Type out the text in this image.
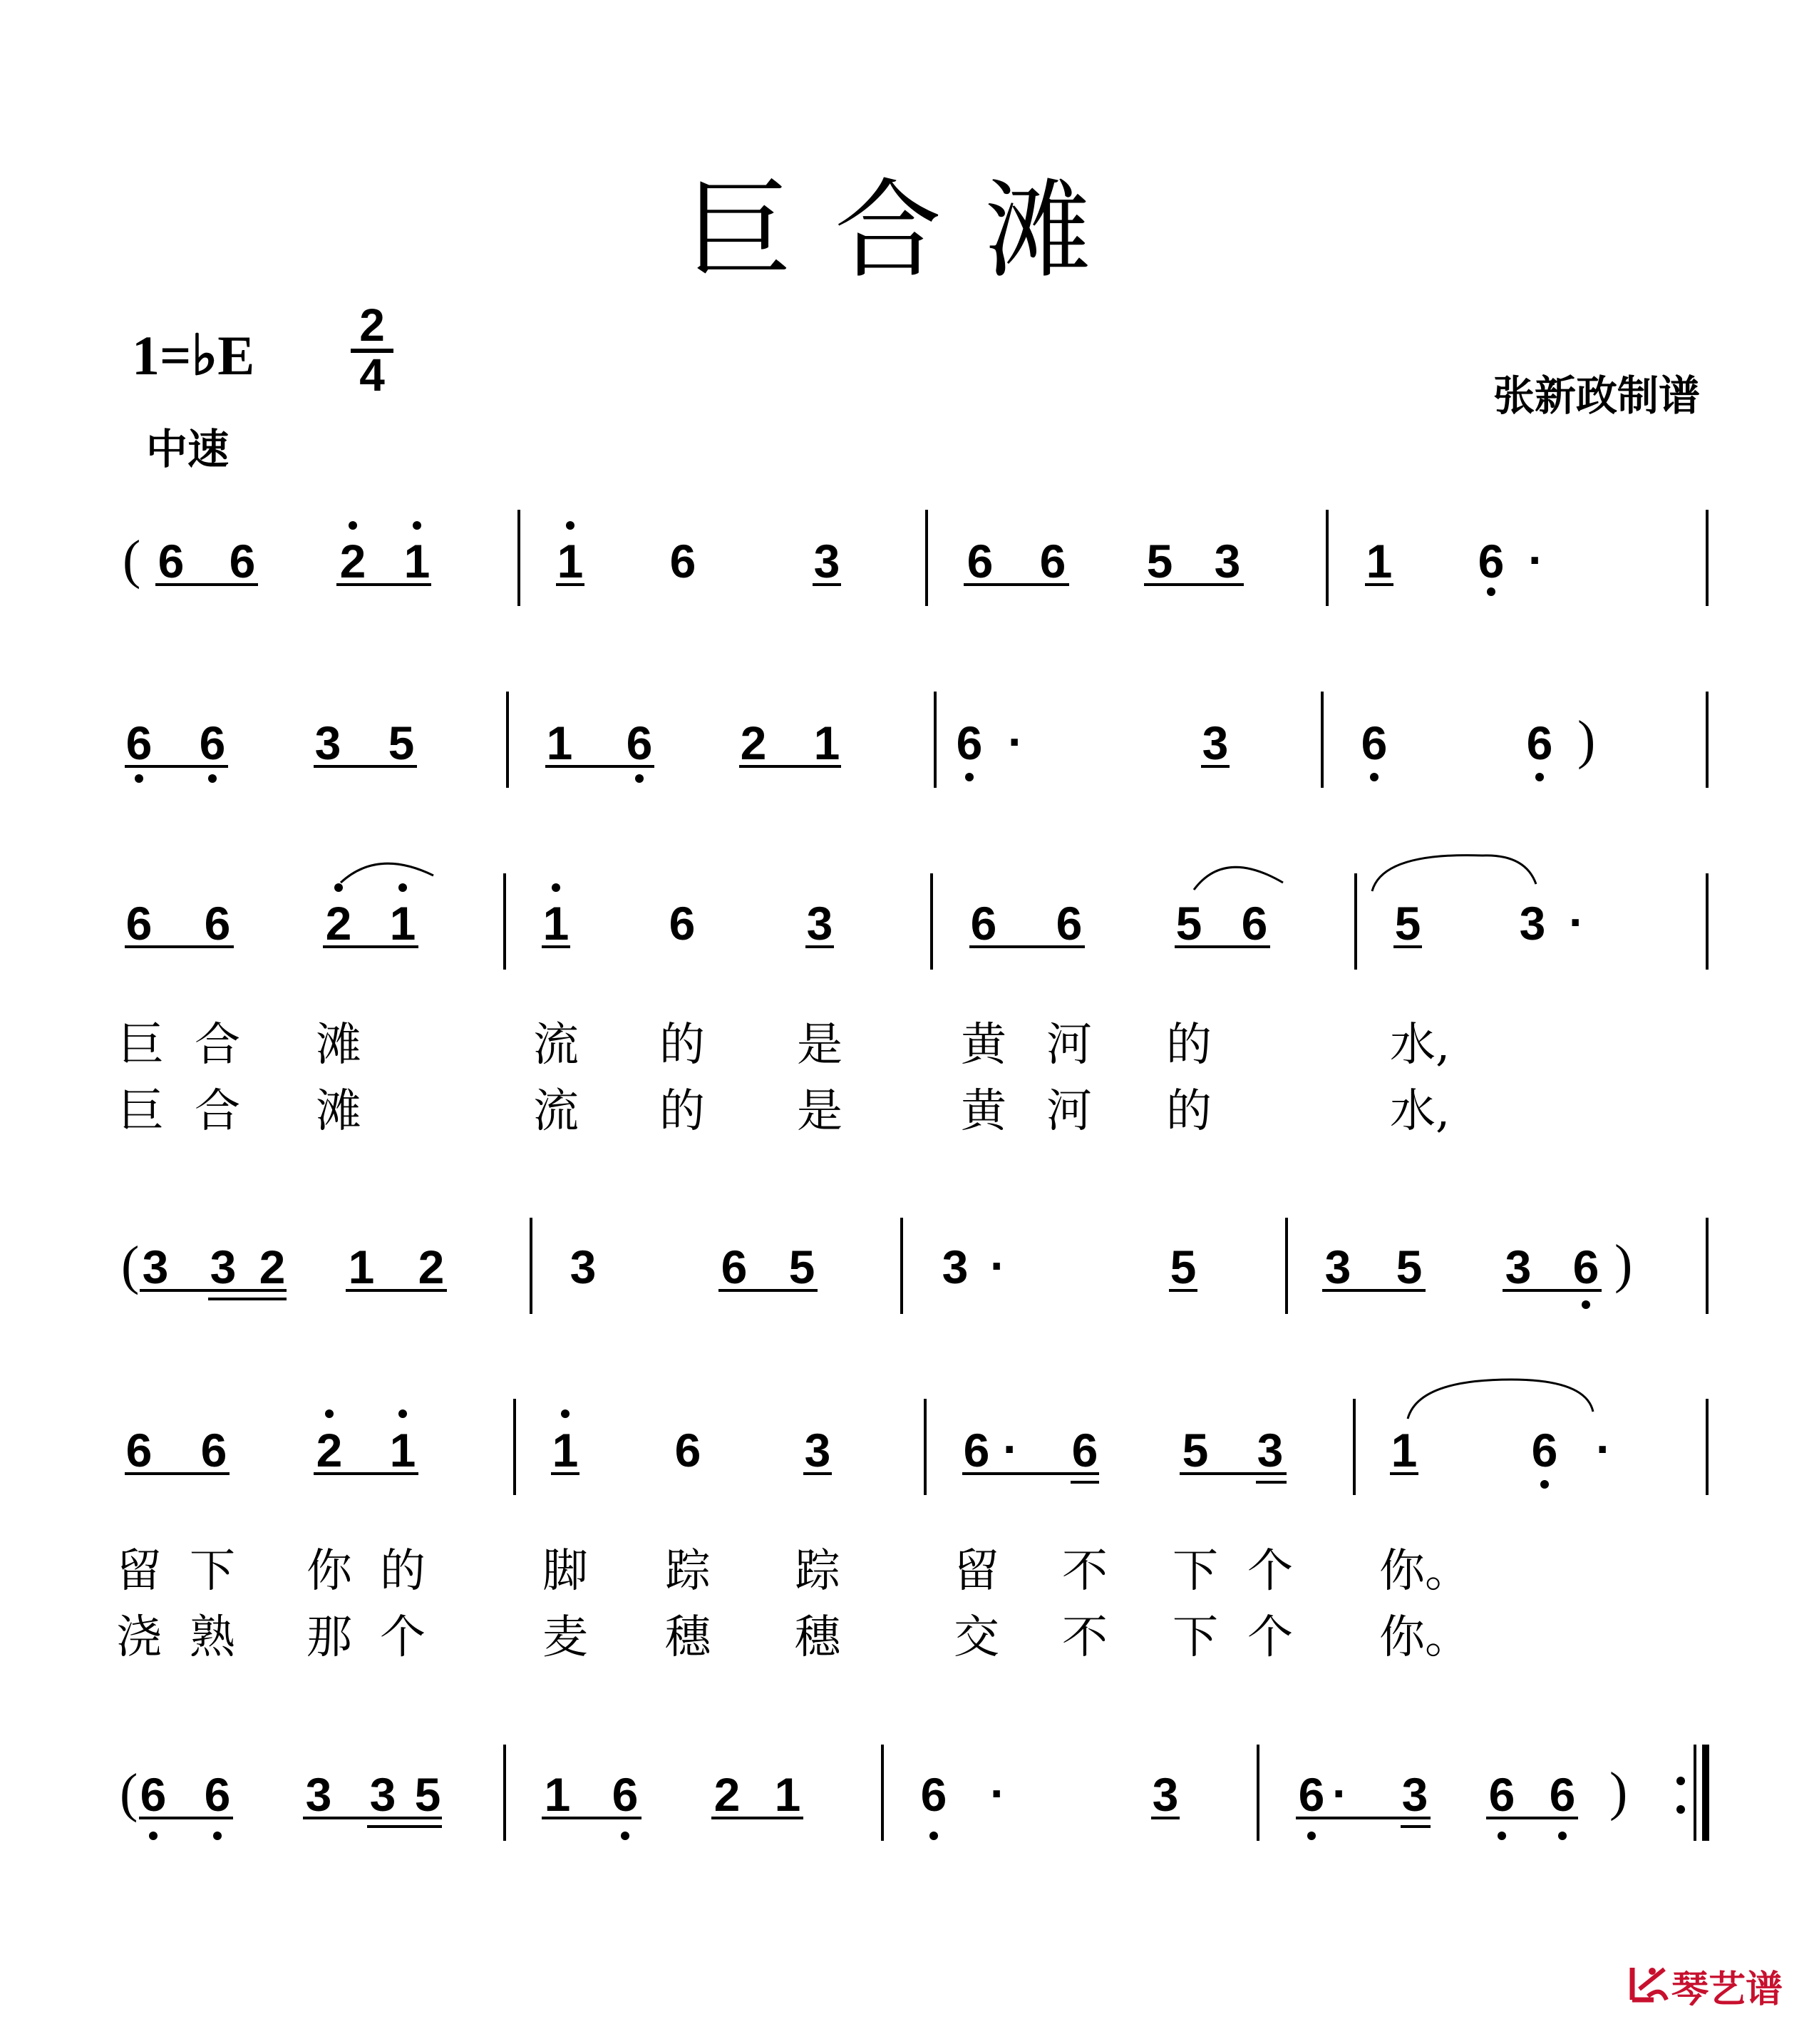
巨合滩
1=♭E 2
4
中速
张新政制谱
( 6 6 2 1	1 6	3	6 6 5 3	1 6 ·
6 6 3 5	1 6 2 1 6 ·	3	6	6 )
6 6 2 1	1 6 3	6 6 5 6	5 3 ·
巨 合 滩	流 的 是	黄 河 的	水,
巨 合 滩	流 的 是	黄 河 的	水,
( 3 3 2 1 2	3	6 5	3 ·	5	3 5 3 6 )
6 6 2 1	1 6 3	6 · 6 5 3 1 6 ·
留 下 你 的	脚 踪 踪 留 不 下 个 你。
浇 熟 那 个	麦 穗 穗 交 不 下 个 你。
( 6 6 3 3 5 1 6 2 1	6 ·	3	6 · 3 6 6 )
琴艺谱
